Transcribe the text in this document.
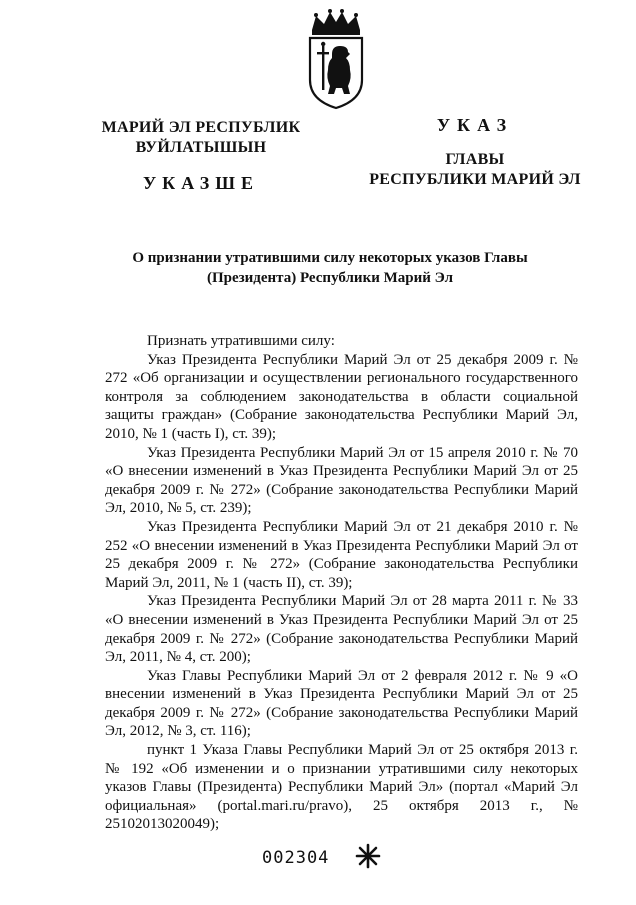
МАРИЙ ЭЛ РЕСПУБЛИК
ВУЙЛАТЫШЫН
УКАЗШЕ
УКАЗ
ГЛАВЫ
РЕСПУБЛИКИ МАРИЙ ЭЛ
О признании утратившими силу некоторых указов Главы
(Президента) Республики Марий Эл

Признать утратившими силу:

Указ Президента Республики Марий Эл от 25 декабря 2009 г. № 272 «Об организации и осуществлении регионального государственного контроля за соблюдением законодательства в области социальной защиты граждан» (Собрание законодательства Республики Марий Эл, 2010, № 1 (часть I), ст. 39);

Указ Президента Республики Марий Эл от 15 апреля 2010 г. № 70 «О внесении изменений в Указ Президента Республики Марий Эл от 25 декабря 2009 г. № 272» (Собрание законодательства Республики Марий Эл, 2010, № 5, ст. 239);

Указ Президента Республики Марий Эл от 21 декабря 2010 г. № 252 «О внесении изменений в Указ Президента Республики Марий Эл от 25 декабря 2009 г. № 272» (Собрание законодательства Республики Марий Эл, 2011, № 1 (часть II), ст. 39);

Указ Президента Республики Марий Эл от 28 марта 2011 г. № 33 «О внесении изменений в Указ Президента Республики Марий Эл от 25 декабря 2009 г. № 272» (Собрание законодательства Республики Марий Эл, 2011, № 4, ст. 200);

Указ Главы Республики Марий Эл от 2 февраля 2012 г. № 9 «О внесении изменений в Указ Президента Республики Марий Эл от 25 декабря 2009 г. № 272» (Собрание законодательства Республики Марий Эл, 2012, № 3, ст. 116);

пункт 1 Указа Главы Республики Марий Эл от 25 октября 2013 г. № 192 «Об изменении и о признании утратившими силу некоторых указов Главы (Президента) Республики Марий Эл» (портал «Марий Эл официальная» (portal.mari.ru/pravo), 25 октября 2013 г., № 25102013020049);

002304
